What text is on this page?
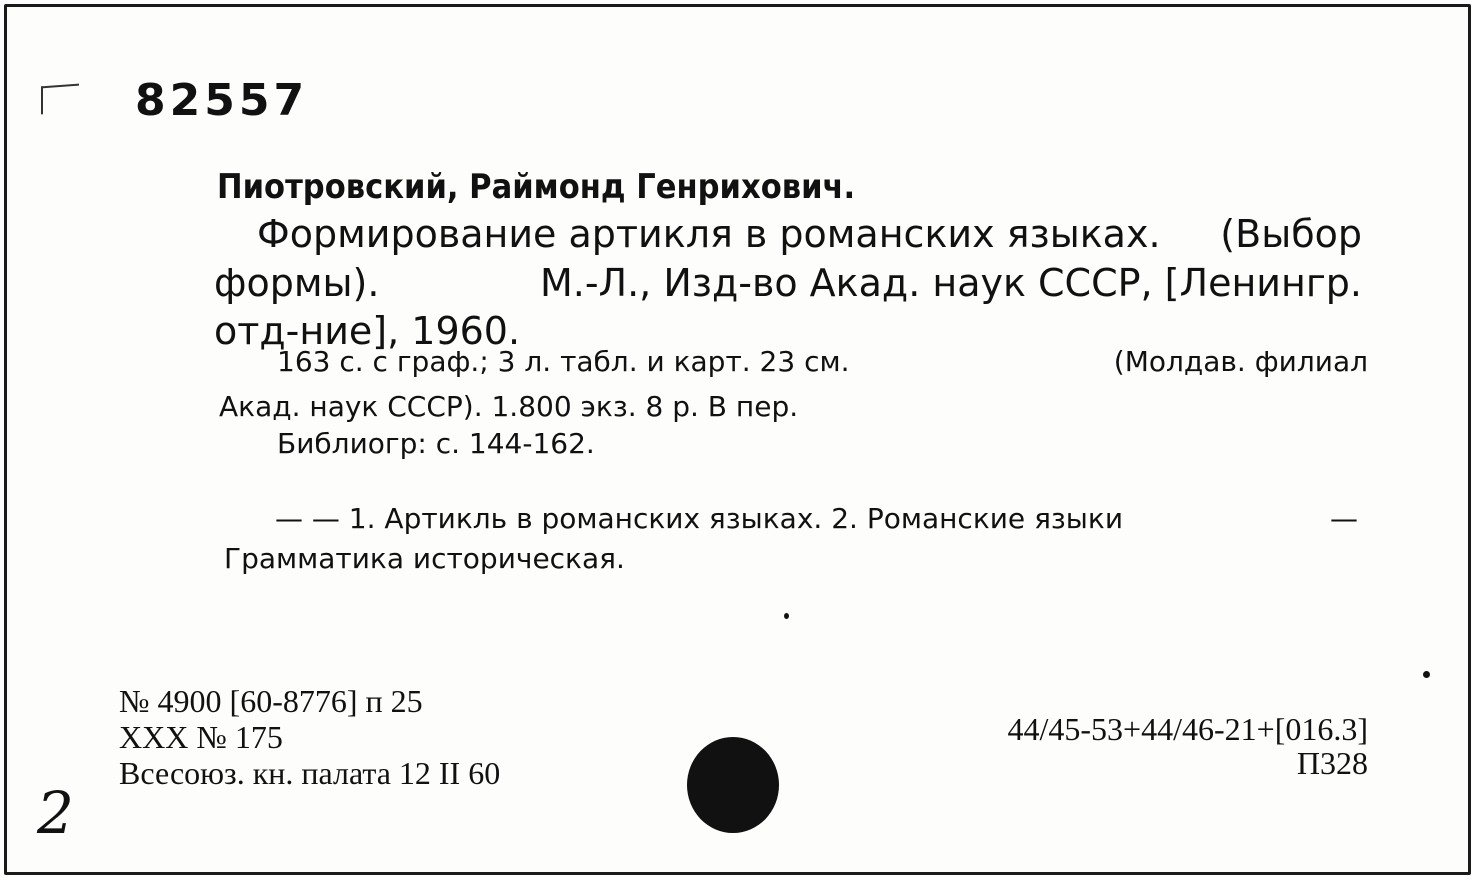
82557
Пиотровский, Раймонд Генрихович.
Формирование артикля в романских языках. (Выбор
формы).	М.-Л., Изд-во Акад. наук СССР, [Ленингр.
отд-ние], 1960.
163 с. с граф.; 3 л. табл. и карт. 23 см.	(Молдав. филиал
Акад. наук СССР). 1.800 экз. 8 р. В пер.
Библиогр: с. 144-162.
— — 1. Артикль в романских языках. 2. Романские языки	—
Грамматика историческая.
№ 4900 [60-8776] п 25
XXX № 175
Всесоюз. кн. палата 12 II 60
44/45-53+44/46-21+[016.3]
П328
2
